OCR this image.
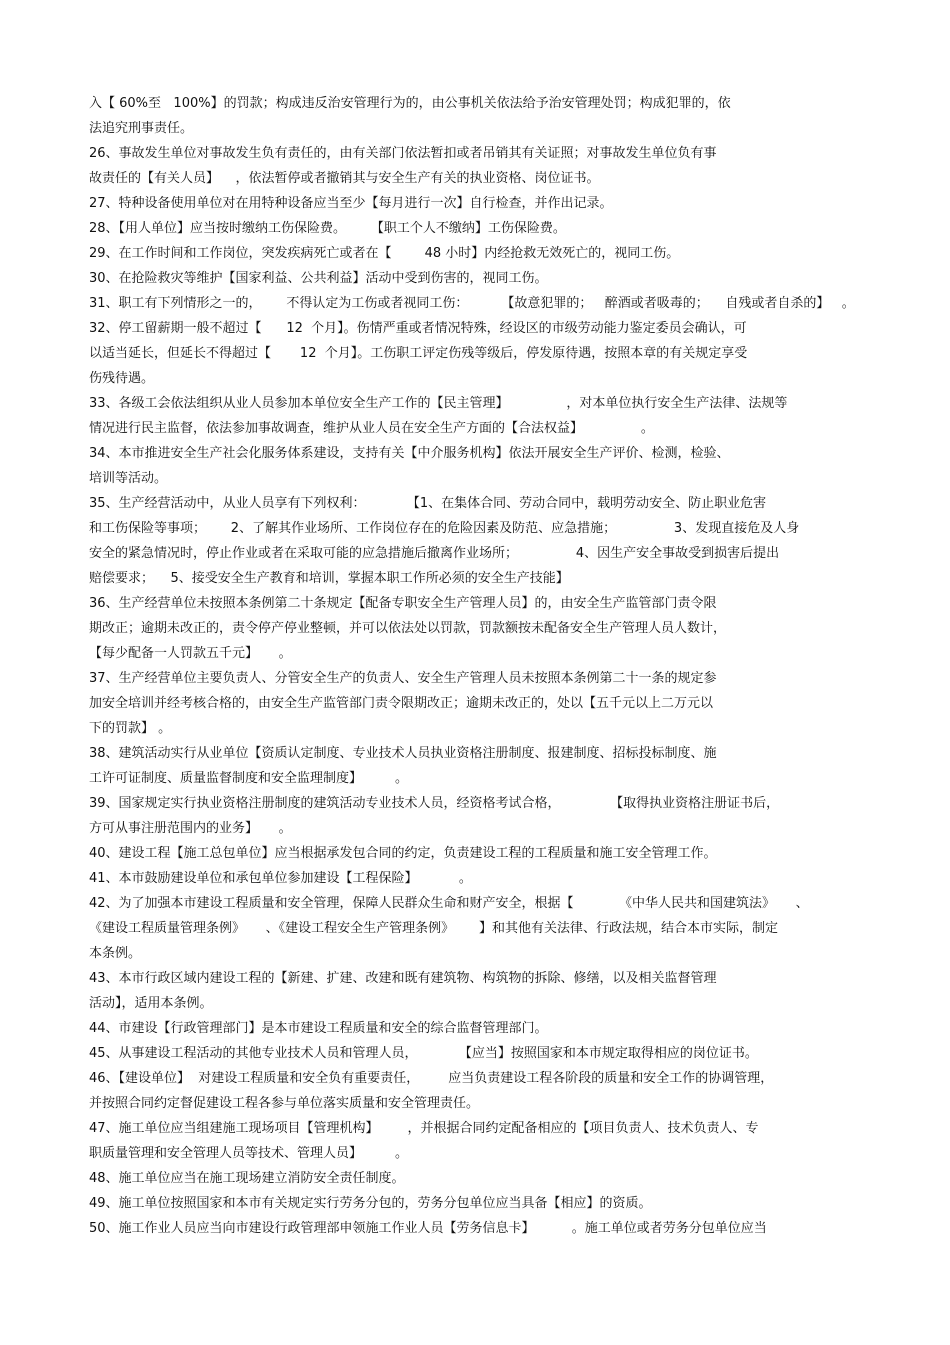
入【 60%至   100%】的罚款；构成违反治安管理行为的，由公事机关依法给予治安管理处罚；构成犯罪的，依
法追究刑事责任。
26、事故发生单位对事故发生负有责任的，由有关部门依法暂扣或者吊销其有关证照；对事故发生单位负有事
故责任的【有关人员】    ，依法暂停或者撤销其与安全生产有关的执业资格、岗位证书。
27、特种设备使用单位对在用特种设备应当至少【每月进行一次】自行检查，并作出记录。
28、【用人单位】应当按时缴纳工伤保险费。      【职工个人不缴纳】工伤保险费。
29、在工作时间和工作岗位，突发疾病死亡或者在【        48 小时】内经抢救无效死亡的，视同工伤。
30、在抢险救灾等维护【国家利益、公共利益】活动中受到伤害的，视同工伤。
31、职工有下列情形之一的，      不得认定为工伤或者视同工伤：        【故意犯罪的；   醉酒或者吸毒的；    自残或者自杀的】   。
32、停工留薪期一般不超过【      12  个月】。伤情严重或者情况特殊，经设区的市级劳动能力鉴定委员会确认，可
以适当延长，但延长不得超过【       12  个月】。工伤职工评定伤残等级后，停发原待遇，按照本章的有关规定享受
伤残待遇。
33、各级工会依法组织从业人员参加本单位安全生产工作的【民主管理】              ，对本单位执行安全生产法律、法规等
情况进行民主监督，依法参加事故调查，维护从业人员在安全生产方面的【合法权益】              。
34、本市推进安全生产社会化服务体系建设，支持有关【中介服务机构】依法开展安全生产评价、检测，检验、
培训等活动。
35、生产经营活动中，从业人员享有下列权利：          【1、在集体合同、劳动合同中，载明劳动安全、防止职业危害
和工伤保险等事项；      2、了解其作业场所、工作岗位存在的危险因素及防范、应急措施；              3、发现直接危及人身
安全的紧急情况时，停止作业或者在采取可能的应急措施后撤离作业场所；              4、因生产安全事故受到损害后提出
赔偿要求；    5、接受安全生产教育和培训，掌握本职工作所必须的安全生产技能】
36、生产经营单位未按照本条例第二十条规定【配备专职安全生产管理人员】的，由安全生产监管部门责令限
期改正；逾期未改正的，责令停产停业整顿，并可以依法处以罚款，罚款额按未配备安全生产管理人员人数计，
【每少配备一人罚款五千元】     。
37、生产经营单位主要负责人、分管安全生产的负责人、安全生产管理人员未按照本条例第二十一条的规定参
加安全培训并经考核合格的，由安全生产监管部门责令限期改正；逾期未改正的，处以【五千元以上二万元以
下的罚款】 。
38、建筑活动实行从业单位【资质认定制度、专业技术人员执业资格注册制度、报建制度、招标投标制度、施
工许可证制度、质量监督制度和安全监理制度】        。
39、国家规定实行执业资格注册制度的建筑活动专业技术人员，经资格考试合格，            【取得执业资格注册证书后，
方可从事注册范围内的业务】     。
40、建设工程【施工总包单位】应当根据承发包合同的约定，负责建设工程的工程质量和施工安全管理工作。
41、本市鼓励建设单位和承包单位参加建设【工程保险】          。
42、为了加强本市建设工程质量和安全管理，保障人民群众生命和财产安全，根据【           《中华人民共和国建筑法》     、
《建设工程质量管理条例》     、《建设工程安全生产管理条例》      】和其他有关法律、行政法规，结合本市实际，制定
本条例。
43、本市行政区域内建设工程的【新建、扩建、改建和既有建筑物、构筑物的拆除、修缮，以及相关监督管理
活动】，适用本条例。
44、市建设【行政管理部门】是本市建设工程质量和安全的综合监督管理部门。
45、从事建设工程活动的其他专业技术人员和管理人员，          【应当】按照国家和本市规定取得相应的岗位证书。
46、【建设单位】  对建设工程质量和安全负有重要责任，       应当负责建设工程各阶段的质量和安全工作的协调管理，
并按照合同约定督促建设工程各参与单位落实质量和安全管理责任。
47、施工单位应当组建施工现场项目【管理机构】       ，并根据合同约定配备相应的【项目负责人、技术负责人、专
职质量管理和安全管理人员等技术、管理人员】        。
48、施工单位应当在施工现场建立消防安全责任制度。
49、施工单位按照国家和本市有关规定实行劳务分包的，劳务分包单位应当具备【相应】的资质。
50、施工作业人员应当向市建设行政管理部申领施工作业人员【劳务信息卡】         。施工单位或者劳务分包单位应当
